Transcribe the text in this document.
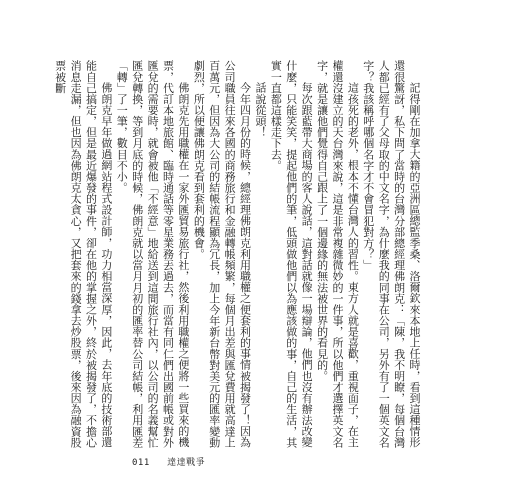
記得剛在加拿大籍的亞洲區總監季桑、洛爾欽來本地上任時，看到這種情形還很驚訝，私下問了當時的台灣分部總經理佛朗克：「陳，我不明瞭，每個台灣人都已經有了父母取的中文名字，為什麼我的同事在公司，另外有了一個英文名字？我該稱呼哪個名字才不會冒犯對方？」

這孩死的老外，根本不懂台灣人的習性。東方人就是喜歡，重視面子，在主權還沒建立的天台灣來說，這是非常複雜微妙的一件事，所以他們才選擇英文名字，就是讓他們覺得自己跟上了一個邊緣的無法被世界的看見的。

每次跟藍帶大商場的客人說話，這對話就像一場辯論，他們也沒有辦法改變什麼，只能笑笑，提起他們的筆，低頭做他們以為應該做的事，自己的生活，其實一直都這樣走下去。

話說從頭！

今年四月份的時候，總經理佛朗克利用職權之便套利的事情被揭發了！因為公司職員往來各國的商務旅行和金融轉帳頻繁，每個月出差與匯兌費用就高達上百萬元，但因為大公司的結帳流程顯為冗長，加上今年新台幣對美元的匯率變動劇烈，所以便讓佛朗克看到套利的機會。

佛朗克先用職權在一家外匯貿易旅行社，然後利用職權之便將一些買來的機票，代訂本地旅館、臨時通話等零星業務丟過去，而當有同仁們出國前帳或對外匯兌的需要時，就會被他「不經意」地給送到這間旅行社內，以公司的名義幫忙匯兌轉換，等到月底的時候，佛朗克就以當月月初的匯率替公司結帳，利用匯差「轉」了一筆，數目不小。

佛朗克早年做過網站程式設計師，功力相當深厚，因此，去年底的技術部還能自己搞定，但是最近爆發的事件，卻在他的掌握之外，終於被揭發了，不擔心消息走漏，但也因為佛朗克太貪心，又把套來的錢拿去炒股票，後來因為融資股票被斷

011 達達戰爭
